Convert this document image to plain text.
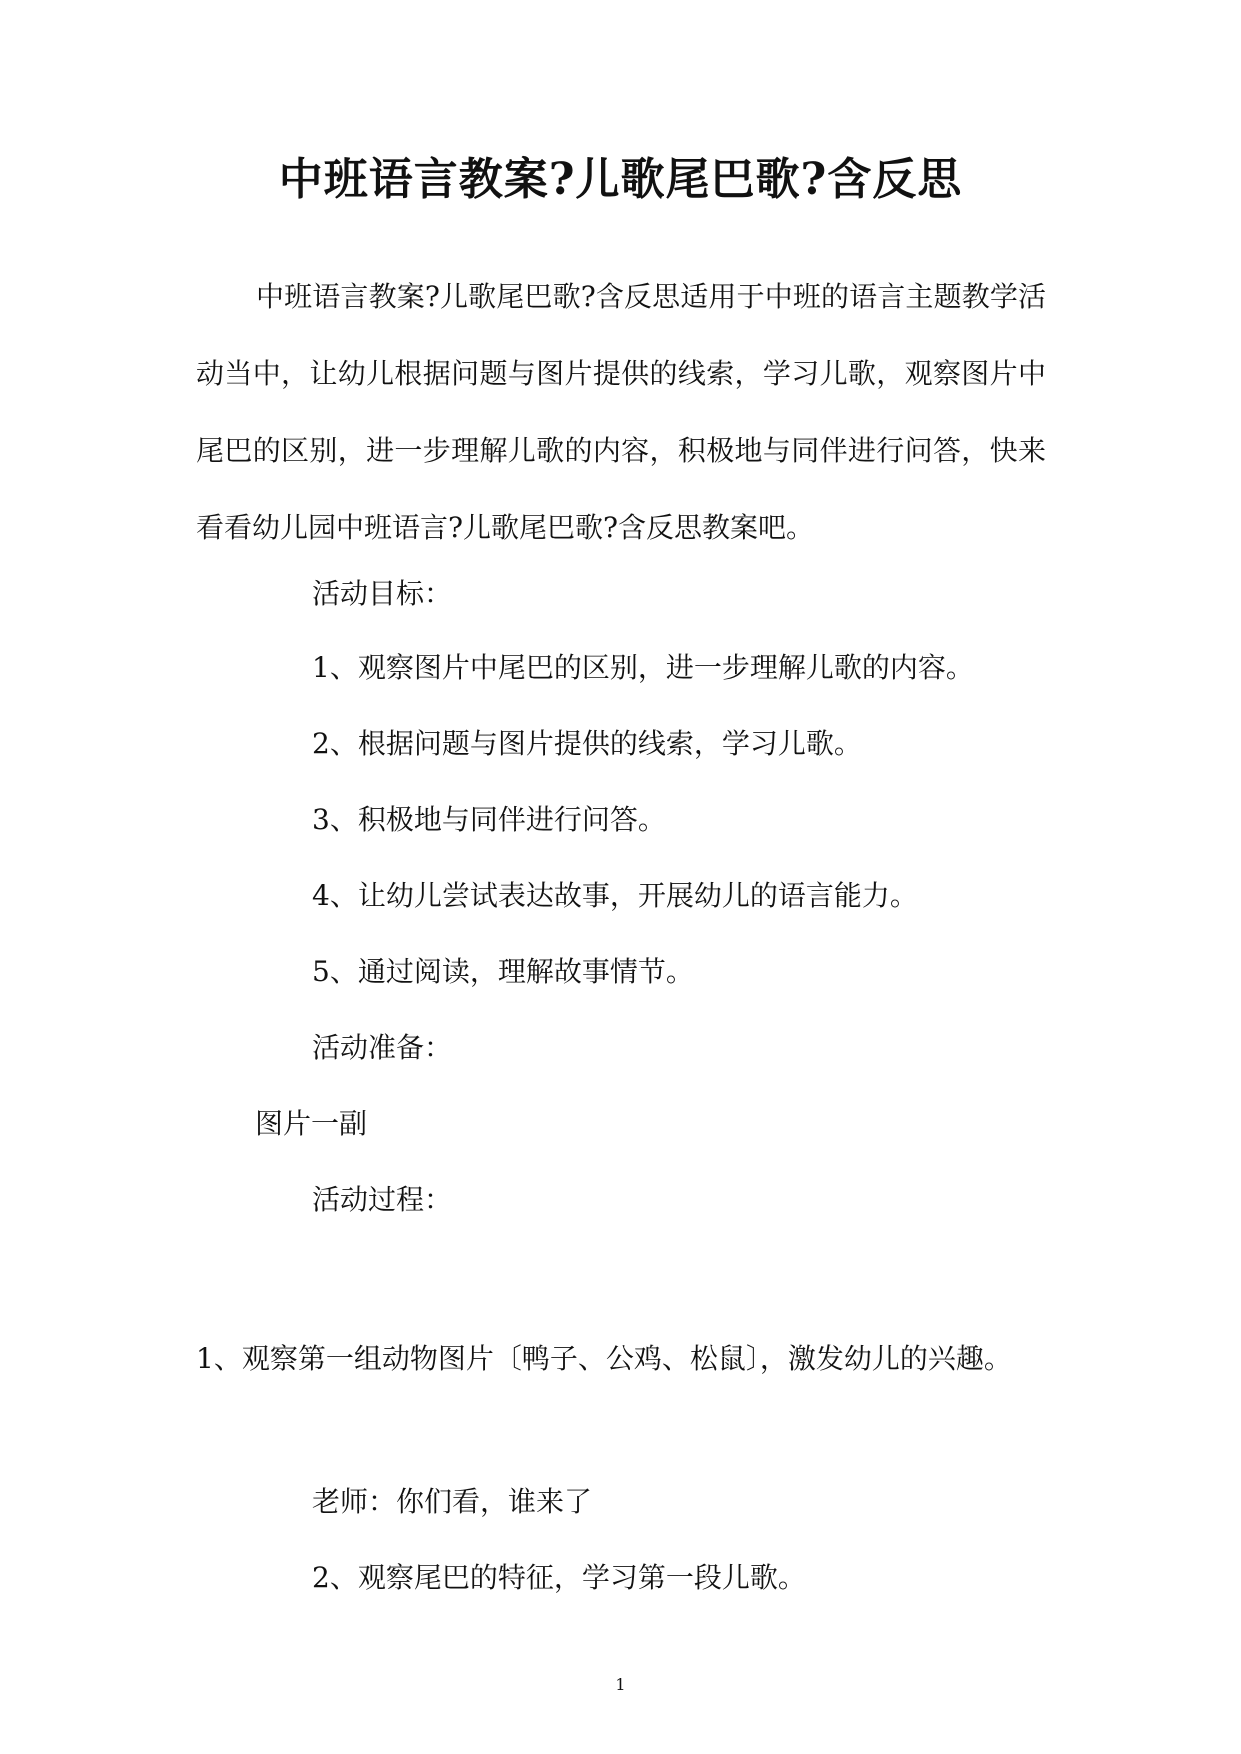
中班语言教案?儿歌尾巴歌?含反思

中班语言教案?儿歌尾巴歌?含反思适用于中班的语言主题教学活动当中，让幼儿根据问题与图片提供的线索，学习儿歌，观察图片中尾巴的区别，进一步理解儿歌的内容，积极地与同伴进行问答，快来看看幼儿园中班语言?儿歌尾巴歌?含反思教案吧。

活动目标：

1、观察图片中尾巴的区别，进一步理解儿歌的内容。

2、根据问题与图片提供的线索，学习儿歌。

3、积极地与同伴进行问答。

4、让幼儿尝试表达故事，开展幼儿的语言能力。

5、通过阅读，理解故事情节。

活动准备：

图片一副

活动过程：

1、观察第一组动物图片〔鸭子、公鸡、松鼠〕，激发幼儿的兴趣。

老师：你们看，谁来了

2、观察尾巴的特征，学习第一段儿歌。

1
